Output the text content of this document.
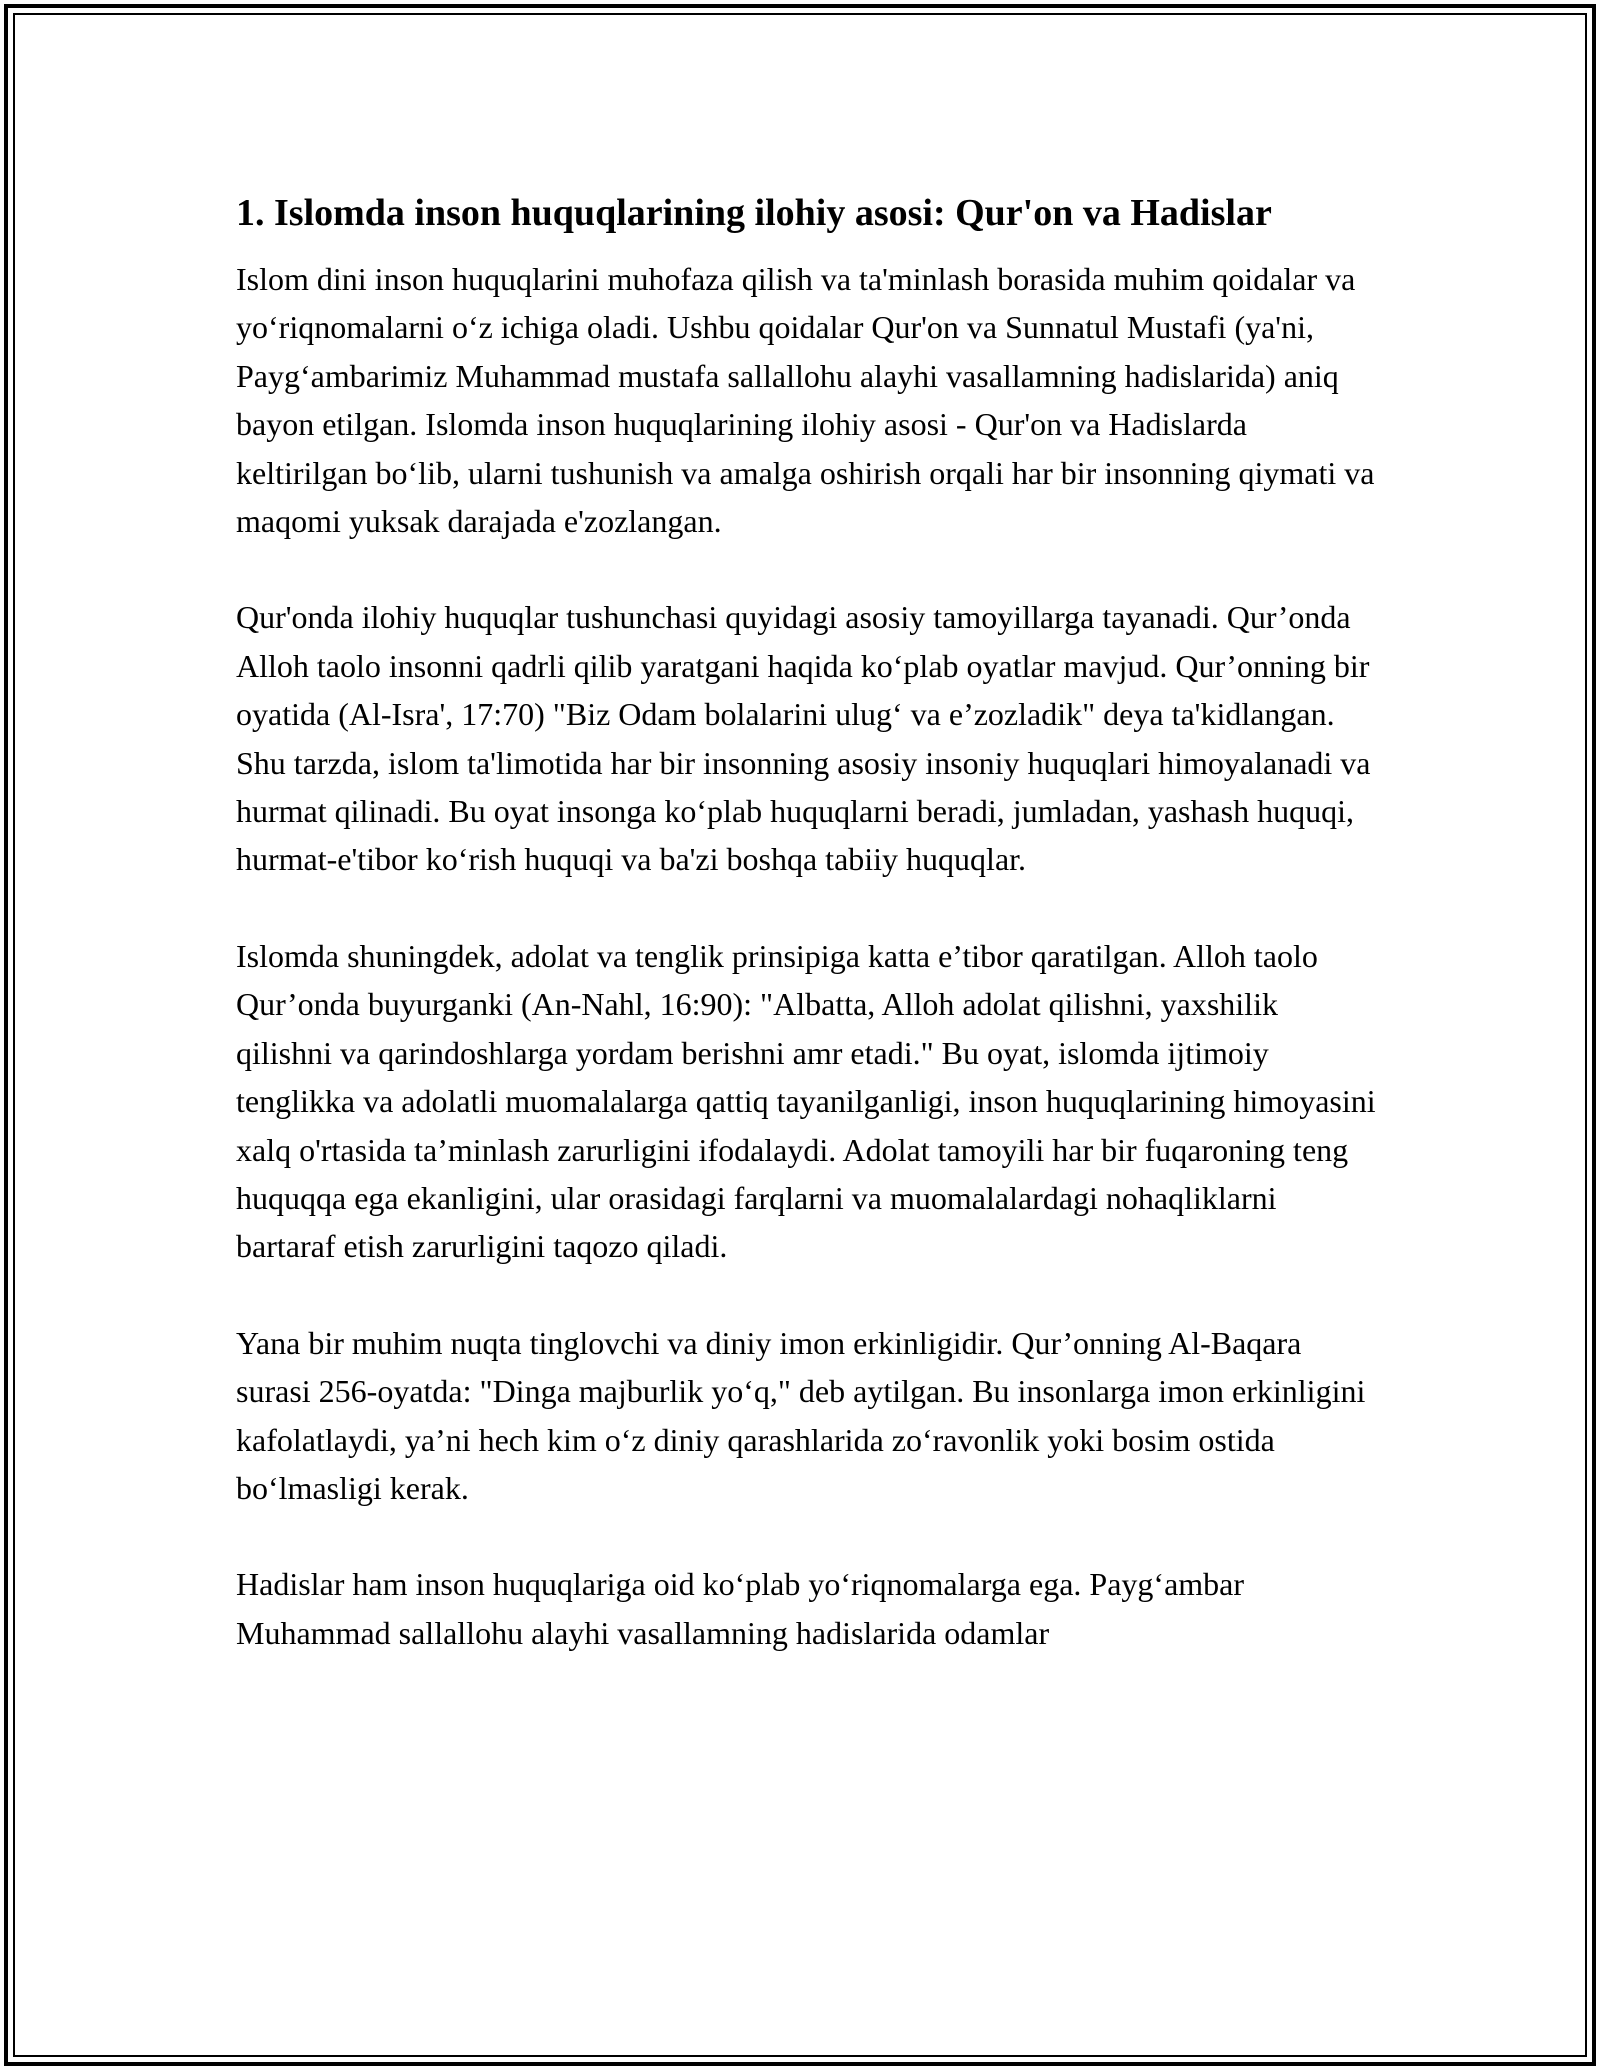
1. Islomda inson huquqlarining ilohiy asosi: Qur'on va Hadislar

Islom dini inson huquqlarini muhofaza qilish va ta'minlash borasida muhim qoidalar va yo‘riqnomalarni o‘z ichiga oladi. Ushbu qoidalar Qur'on va Sunnatul Mustafi (ya'ni, Payg‘ambarimiz Muhammad mustafa sallallohu alayhi vasallamning hadislarida) aniq bayon etilgan. Islomda inson huquqlarining ilohiy asosi - Qur'on va Hadislarda keltirilgan bo‘lib, ularni tushunish va amalga oshirish orqali har bir insonning qiymati va maqomi yuksak darajada e'zozlangan.

Qur'onda ilohiy huquqlar tushunchasi quyidagi asosiy tamoyillarga tayanadi. Qur’onda Alloh taolo insonni qadrli qilib yaratgani haqida ko‘plab oyatlar mavjud. Qur’onning bir oyatida (Al-Isra', 17:70) "Biz Odam bolalarini ulug‘ va e’zozladik" deya ta'kidlangan. Shu tarzda, islom ta'limotida har bir insonning asosiy insoniy huquqlari himoyalanadi va hurmat qilinadi. Bu oyat insonga ko‘plab huquqlarni beradi, jumladan, yashash huquqi, hurmat-e'tibor ko‘rish huquqi va ba'zi boshqa tabiiy huquqlar.

Islomda shuningdek, adolat va tenglik prinsipiga katta e’tibor qaratilgan. Alloh taolo Qur’onda buyurganki (An-Nahl, 16:90): "Albatta, Alloh adolat qilishni, yaxshilik qilishni va qarindoshlarga yordam berishni amr etadi." Bu oyat, islomda ijtimoiy tenglikka va adolatli muomalalarga qattiq tayanilganligi, inson huquqlarining himoyasini xalq o'rtasida ta’minlash zarurligini ifodalaydi. Adolat tamoyili har bir fuqaroning teng huquqqa ega ekanligini, ular orasidagi farqlarni va muomalalardagi nohaqliklarni bartaraf etish zarurligini taqozo qiladi.

Yana bir muhim nuqta tinglovchi va diniy imon erkinligidir. Qur’onning Al-Baqara surasi 256-oyatda: "Dinga majburlik yo‘q," deb aytilgan. Bu insonlarga imon erkinligini kafolatlaydi, ya’ni hech kim o‘z diniy qarashlarida zo‘ravonlik yoki bosim ostida bo‘lmasligi kerak.

Hadislar ham inson huquqlariga oid ko‘plab yo‘riqnomalarga ega. Payg‘ambar Muhammad sallallohu alayhi vasallamning hadislarida odamlar
